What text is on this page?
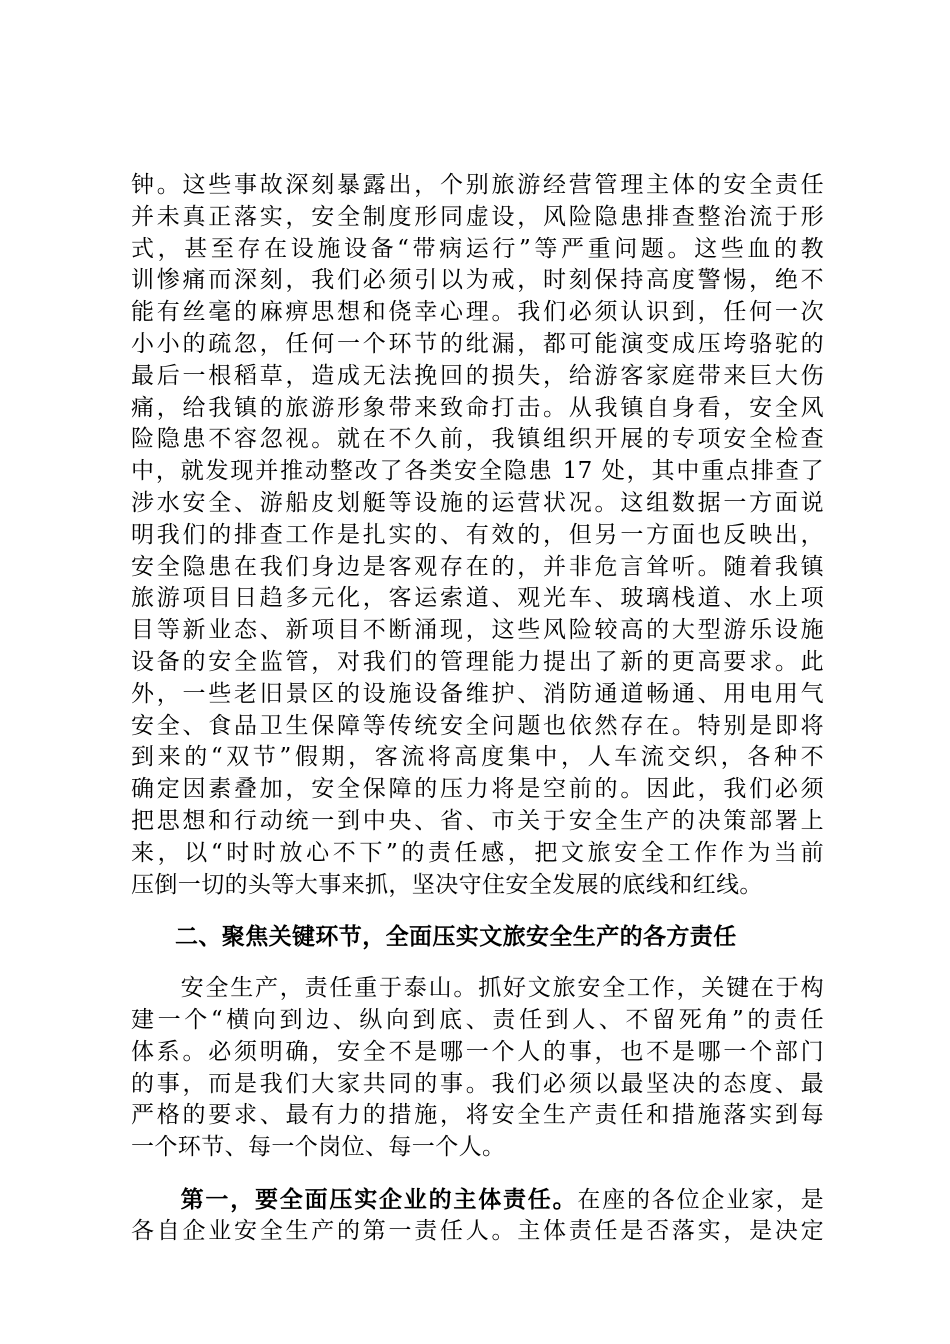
钟。这些事故深刻暴露出，个别旅游经营管理主体的安全责任
并未真正落实，安全制度形同虚设，风险隐患排查整治流于形
式，甚至存在设施设备“带病运行”等严重问题。这些血的教
训惨痛而深刻，我们必须引以为戒，时刻保持高度警惕，绝不
能有丝毫的麻痹思想和侥幸心理。我们必须认识到，任何一次
小小的疏忽，任何一个环节的纰漏，都可能演变成压垮骆驼的
最后一根稻草，造成无法挽回的损失，给游客家庭带来巨大伤
痛，给我镇的旅游形象带来致命打击。从我镇自身看，安全风
险隐患不容忽视。就在不久前，我镇组织开展的专项安全检查
中，就发现并推动整改了各类安全隐患 17 处，其中重点排查了
涉水安全、游船皮划艇等设施的运营状况。这组数据一方面说
明我们的排查工作是扎实的、有效的，但另一方面也反映出，
安全隐患在我们身边是客观存在的，并非危言耸听。随着我镇
旅游项目日趋多元化，客运索道、观光车、玻璃栈道、水上项
目等新业态、新项目不断涌现，这些风险较高的大型游乐设施
设备的安全监管，对我们的管理能力提出了新的更高要求。此
外，一些老旧景区的设施设备维护、消防通道畅通、用电用气
安全、食品卫生保障等传统安全问题也依然存在。特别是即将
到来的“双节”假期，客流将高度集中，人车流交织，各种不
确定因素叠加，安全保障的压力将是空前的。因此，我们必须
把思想和行动统一到中央、省、市关于安全生产的决策部署上
来，以“时时放心不下”的责任感，把文旅安全工作作为当前
压倒一切的头等大事来抓，坚决守住安全发展的底线和红线。
二、聚焦关键环节，全面压实文旅安全生产的各方责任
　　安全生产，责任重于泰山。抓好文旅安全工作，关键在于构
建一个“横向到边、纵向到底、责任到人、不留死角”的责任
体系。必须明确，安全不是哪一个人的事，也不是哪一个部门
的事，而是我们大家共同的事。我们必须以最坚决的态度、最
严格的要求、最有力的措施，将安全生产责任和措施落实到每
一个环节、每一个岗位、每一个人。
　　第一，要全面压实企业的主体责任。在座的各位企业家，是
各自企业安全生产的第一责任人。主体责任是否落实，是决定
